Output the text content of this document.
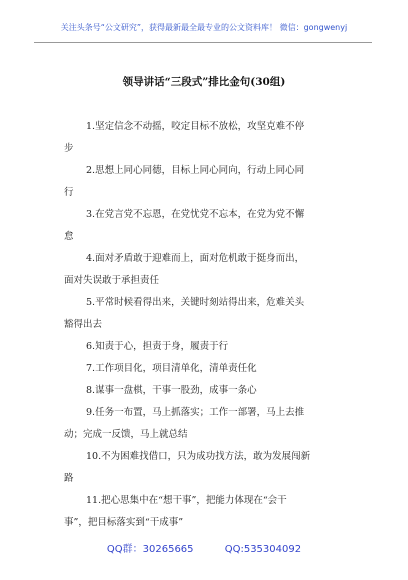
关注头条号“公文研究”，获得最新最全最专业的公文资料库！ 微信：gongwenyj
领导讲话“三段式”排比金句(30组)
1.坚定信念不动摇，咬定目标不放松，攻坚克难不停
步
2.思想上同心同德，目标上同心同向，行动上同心同
行
3.在党言党不忘恩，在党忧党不忘本，在党为党不懈
怠
4.面对矛盾敢于迎难而上，面对危机敢于挺身而出，
面对失误敢于承担责任
5.平常时候看得出来，关键时刻站得出来，危难关头
豁得出去
6.知责于心，担责于身，履责于行
7.工作项目化，项目清单化，清单责任化
8.谋事一盘棋，干事一股劲，成事一条心
9.任务一布置，马上抓落实；工作一部署，马上去推
动；完成一反馈，马上就总结
10.不为困难找借口，只为成功找方法，敢为发展闯新
路
11.把心思集中在“想干事”，把能力体现在“会干
事”，把目标落实到“干成事”
QQ群：30265665	QQ:535304092
